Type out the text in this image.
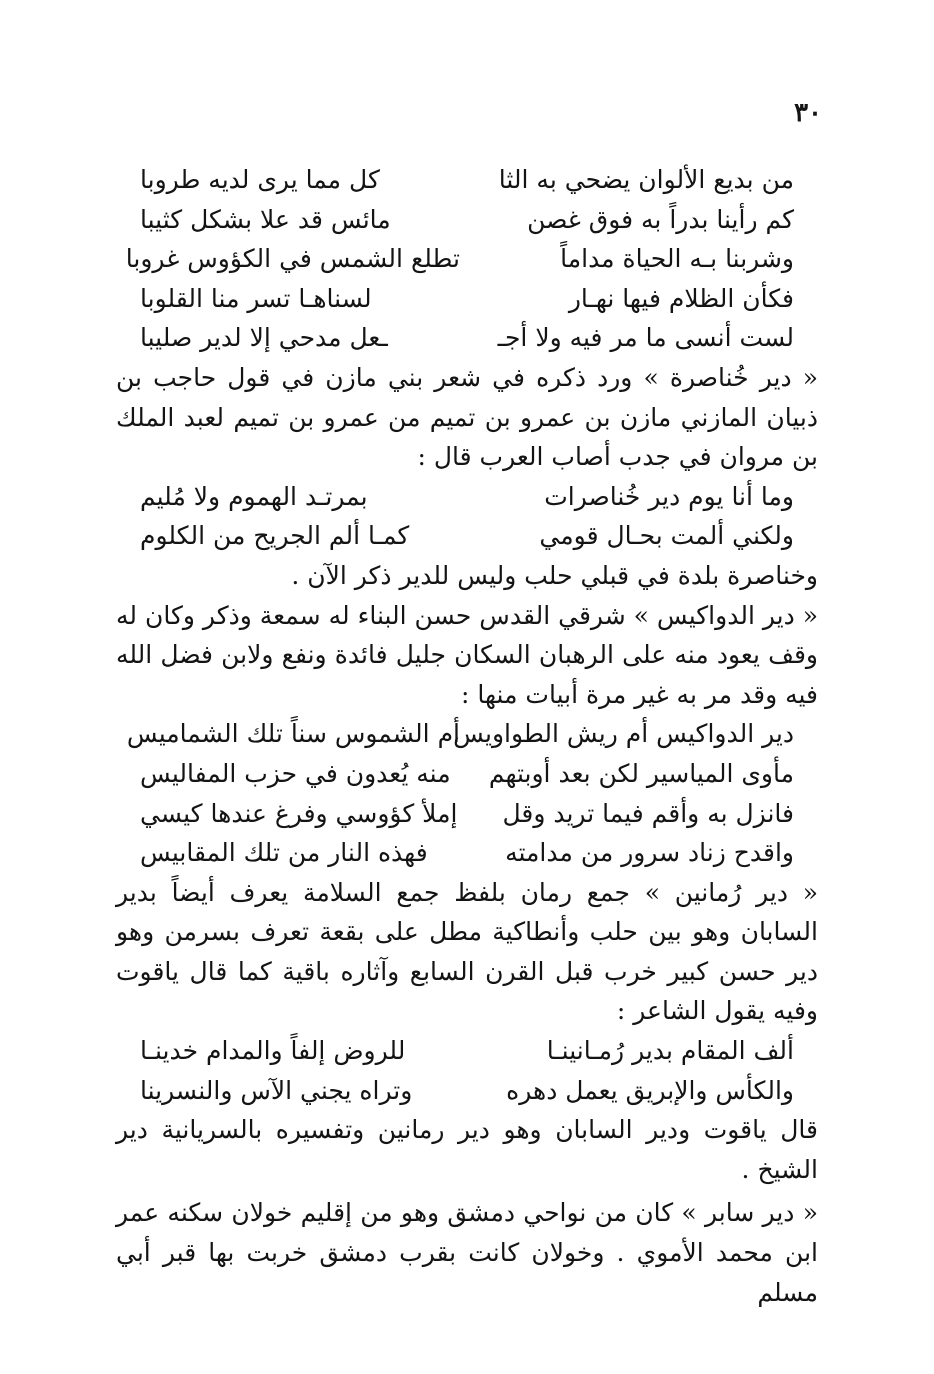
٣٠
من بديع الألوان يضحي به الثا
كل مما يرى لديه طروبا
كم رأينا بدراً به فوق غصن
مائس قد علا بشكل كثيبا
وشربنا بـه الحياة مداماً
تطلع الشمس في الكؤوس غروبا
فكأن الظلام فيها نهـار
لسناهـا تسر منا القلوبا
لست أنسى ما مر فيه ولا أجـ
ـعل مدحي إلا لدير صليبا

« دير خُناصرة » ورد ذكره في شعر بني مازن في قول حاجب بن ذبيان المازني مازن بن عمرو بن تميم من عمرو بن تميم لعبد الملك بن مروان في جدب أصاب العرب قال :

وما أنا يوم دير خُناصرات
بمرتـد الهموم ولا مُليم
ولكني ألمت بحـال قومي
كمـا ألم الجريح من الكلوم

وخناصرة بلدة في قبلي حلب وليس للدير ذكر الآن .

« دير الدواكيس » شرقي القدس حسن البناء له سمعة وذكر وكان له وقف يعود منه على الرهبان السكان جليل فائدة ونفع ولابن فضل الله فيه وقد مر به غير مرة أبيات منها :

دير الدواكيس أم ريش الطواويس
أم الشموس سناً تلك الشماميس
مأوى المياسير لكن بعد أوبتهم
منه يُعدون في حزب المفاليس
فانزل به وأقم فيما تريد وقل
إملأ كؤوسي وفرغ عندها كيسي
واقدح زناد سرور من مدامته
فهذه النار من تلك المقابيس

« دير رُمانين » جمع رمان بلفظ جمع السلامة يعرف أيضاً بدير السابان وهو بين حلب وأنطاكية مطل على بقعة تعرف بسرمن وهو دير حسن كبير خرب قبل القرن السابع وآثاره باقية كما قال ياقوت وفيه يقول الشاعر :

ألف المقام بدير رُمـانينـا
للروض إلفاً والمدام خدينـا
والكأس والإبريق يعمل دهره
وتراه يجني الآس والنسرينا

قال ياقوت ودير السابان وهو دير رمانين وتفسيره بالسريانية دير الشيخ .

« دير سابر » كان من نواحي دمشق وهو من إقليم خولان سكنه عمر ابن محمد الأموي . وخولان كانت بقرب دمشق خربت بها قبر أبي مسلم
